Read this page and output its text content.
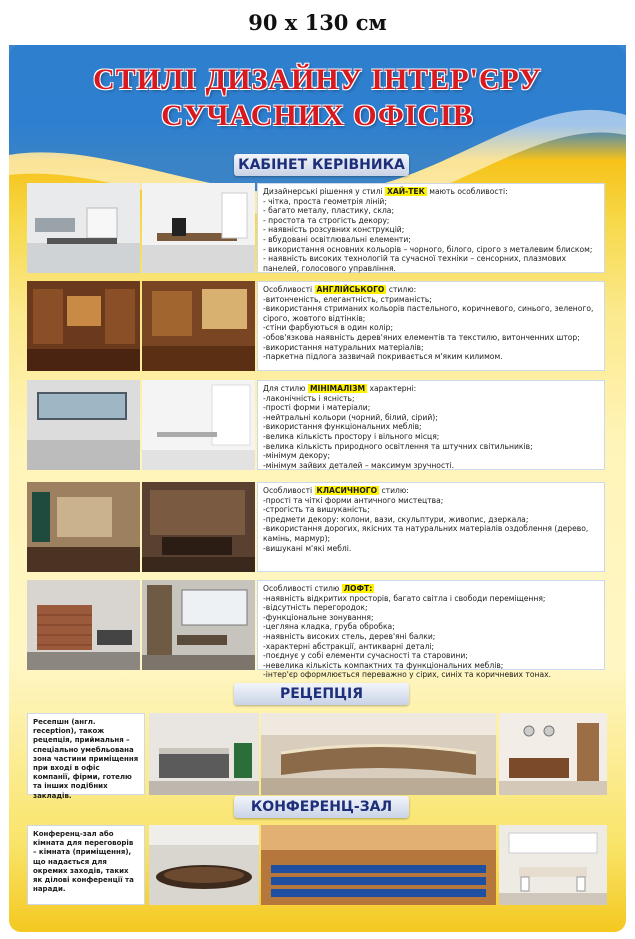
90 x 130 см
СТИЛІ ДИЗАЙНУ ІНТЕР'ЄРУ
СУЧАСНИХ ОФІСІВ
КАБІНЕТ КЕРІВНИКА

Дизайнерські рішення у стилі ХАЙ-ТЕК мають особливості:

- чітка, проста геометрія ліній;

- багато металу, пластику, скла;

- простота та строгість декору;

- наявність розсувних конструкцій;

- вбудовані освітлювальні елементи;

- використання основних кольорів – чорного, білого, сірого з металевим блиском;

- наявність високих технологій та сучасної техніки – сенсорних, плазмових панелей, голосового управління.

Особливості АНГЛІЙСЬКОГО стилю:

-витонченість, елегантність, стриманість;

-використання стриманих кольорів пастельного, коричневого, синього, зеленого, сірого, жовтого відтінків;

-стіни фарбуються в один колір;

-обов'язкова наявність дерев'яних елементів та текстилю, витонченних штор;

-використання натуральних матеріалів;

-паркетна підлога зазвичай покривається м'яким килимом.

Для стилю МІНІМАЛІЗМ характерні:

-лаконічність і ясність;

-прості форми і матеріали;

-нейтральні кольори (чорний, білий, сірий);

-використання функціональних меблів;

-велика кількість простору і вільного місця;

-велика кількість природного освітлення та штучних світильників;

-мінімум декору;

-мінімум зайвих деталей – максимум зручності.

Особливості КЛАСИЧНОГО стилю:

-прості та чіткі форми античного мистецтва;

-строгість та вишуканість;

-предмети декору: колони, вази, скульптури, живопис, дзеркала;

-використання дорогих, якісних та натуральних матеріалів оздоблення (дерево, камінь, мармур);

-вишукані м'які меблі.

Особливості стилю ЛОФТ:

-наявність відкритих просторів, багато світла і свободи переміщення;

-відсутність перегородок;

-функціональне зонування;

-цегляна кладка, груба обробка;

-наявність високих стель, дерев'яні балки;

-характерні абстракції, антикварні деталі;

-поєднує у собі елементи сучасності та старовини;

-невелика кількість компактних та функціональних меблів;

-інтер'єр оформлюється переважно у сірих, синіх та коричневих тонах.

РЕЦЕПЦІЯ
Ресепшн (англ. reception), також рецепція, приймальня – спеціально умебльована зона частини приміщення при вході в офіс компанії, фірми, готелю та інших подібних закладів.
КОНФЕРЕНЦ-ЗАЛ
Конференц-зал або кімната для переговорів – кімната (приміщення), що надається для окремих заходів, таких як ділові конференції та наради.
